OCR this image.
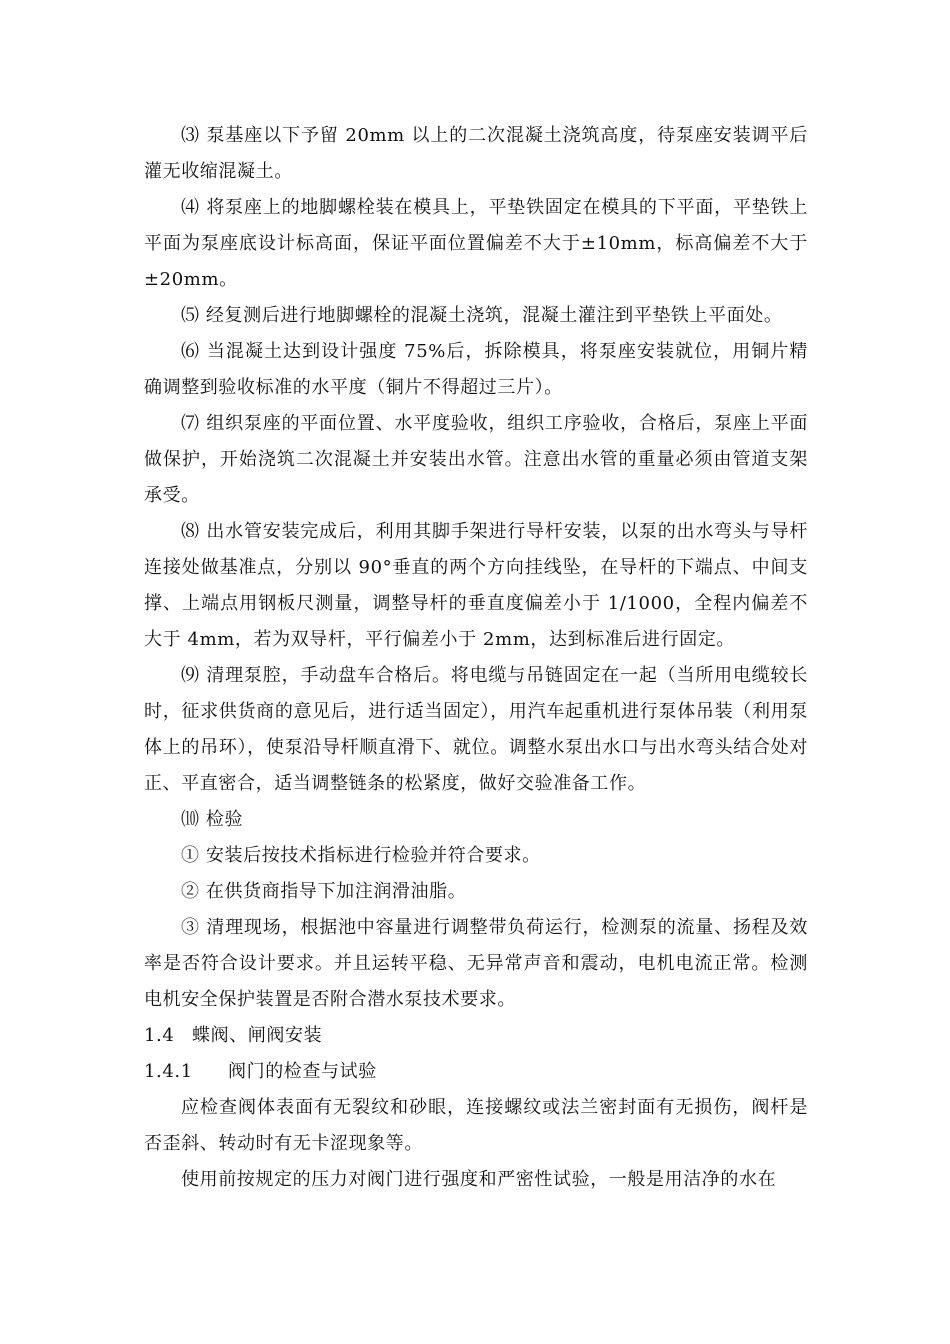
⑶ 泵基座以下予留 20mm 以上的二次混凝土浇筑高度，待泵座安装调平后灌无收缩混凝土。

⑷ 将泵座上的地脚螺栓装在模具上，平垫铁固定在模具的下平面，平垫铁上平面为泵座底设计标高面，保证平面位置偏差不大于±10mm，标高偏差不大于±20mm。

⑸ 经复测后进行地脚螺栓的混凝土浇筑，混凝土灌注到平垫铁上平面处。

⑹ 当混凝土达到设计强度 75%后，拆除模具，将泵座安装就位，用铜片精确调整到验收标准的水平度（铜片不得超过三片）。

⑺ 组织泵座的平面位置、水平度验收，组织工序验收，合格后，泵座上平面做保护，开始浇筑二次混凝土并安装出水管。注意出水管的重量必须由管道支架承受。

⑻ 出水管安装完成后，利用其脚手架进行导杆安装，以泵的出水弯头与导杆连接处做基准点，分别以 90°垂直的两个方向挂线坠，在导杆的下端点、中间支撑、上端点用钢板尺测量，调整导杆的垂直度偏差小于 1/1000，全程内偏差不大于 4mm，若为双导杆，平行偏差小于 2mm，达到标准后进行固定。

⑼ 清理泵腔，手动盘车合格后。将电缆与吊链固定在一起（当所用电缆较长时，征求供货商的意见后，进行适当固定），用汽车起重机进行泵体吊装（利用泵体上的吊环），使泵沿导杆顺直滑下、就位。调整水泵出水口与出水弯头结合处对正、平直密合，适当调整链条的松紧度，做好交验准备工作。

⑽ 检验

① 安装后按技术指标进行检验并符合要求。

② 在供货商指导下加注润滑油脂。

③ 清理现场，根据池中容量进行调整带负荷运行，检测泵的流量、扬程及效率是否符合设计要求。并且运转平稳、无异常声音和震动，电机电流正常。检测电机安全保护装置是否附合潜水泵技术要求。

1.4 蝶阀、闸阀安装
1.4.1 阀门的检查与试验

应检查阀体表面有无裂纹和砂眼，连接螺纹或法兰密封面有无损伤，阀杆是否歪斜、转动时有无卡涩现象等。

使用前按规定的压力对阀门进行强度和严密性试验，一般是用洁净的水在
